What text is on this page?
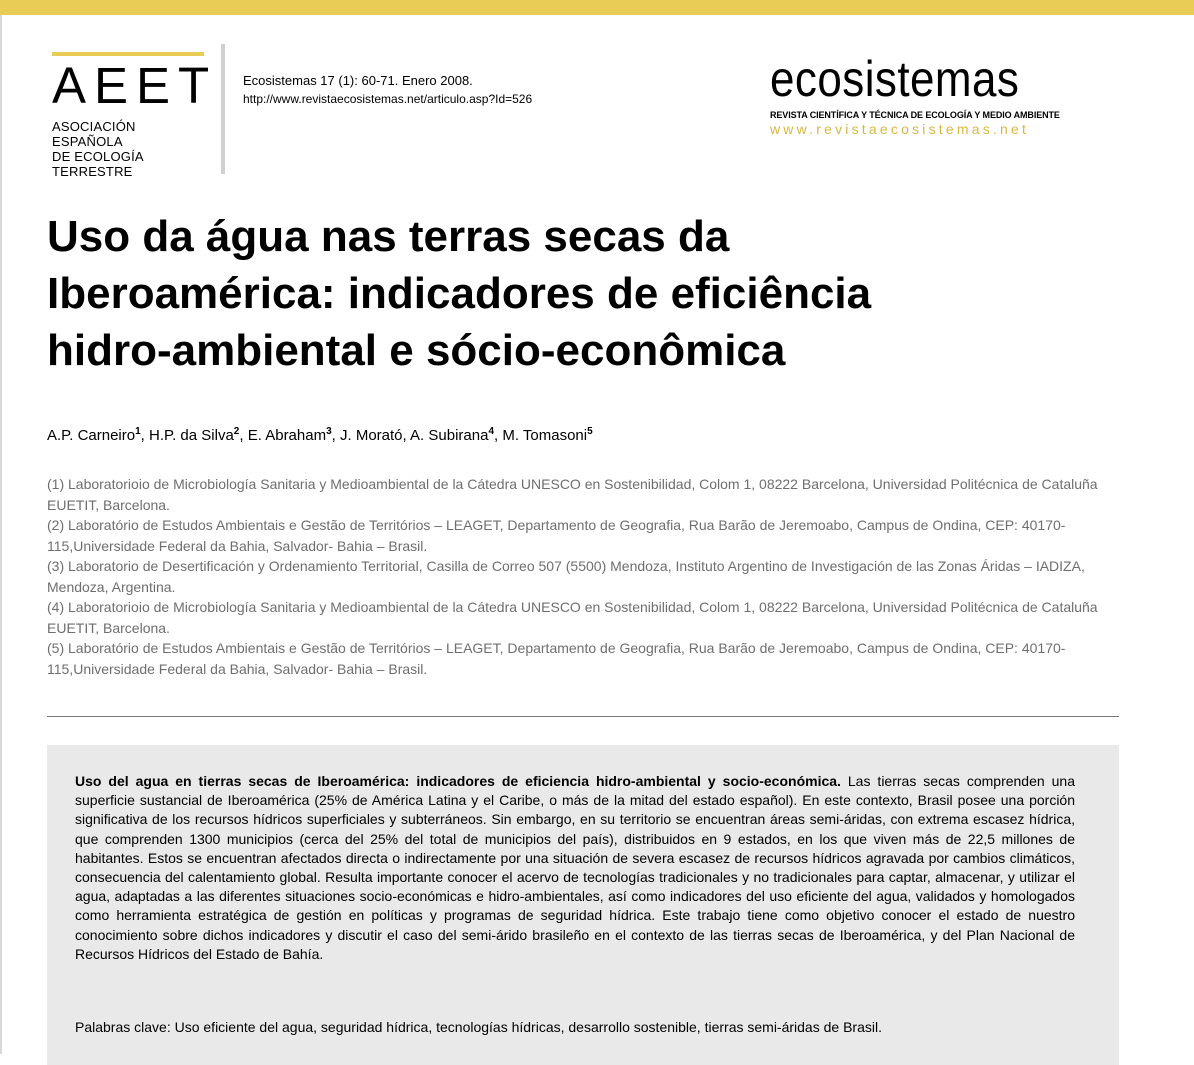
AEET
ASOCIACIÓN ESPAÑOLA
DE ECOLOGÍA TERRESTRE
Ecosistemas 17 (1): 60-71. Enero 2008.
http://www.revistaecosistemas.net/articulo.asp?Id=526	ecosistemas
REVISTA CIENTÍFICA Y TÉCNICA DE ECOLOGÍA Y MEDIO AMBIENTE
www.revistaecosistemas.net
Uso da água nas terras secas da
Iberoamérica: indicadores de eficiência
hidro-ambiental e sócio-econômica
A.P. Carneiro$^1$, H.P. da Silva$^2$, E. Abraham$^3$, J. Morató, A. Subirana$^4$, M. Tomasoni$^5$

(1) Laboratorioio de Microbiología Sanitaria y Medioambiental de la Cátedra UNESCO en Sostenibilidad, Colom 1, 08222 Barcelona, Universidad Politécnica de Cataluña EUETIT, Barcelona.

(2) Laboratório de Estudos Ambientais e Gestão de Territórios – LEAGET, Departamento de Geografia, Rua Barão de Jeremoabo, Campus de Ondina, CEP: 40170-115,Universidade Federal da Bahia, Salvador- Bahia – Brasil.

(3) Laboratorio de Desertificación y Ordenamiento Territorial, Casilla de Correo 507 (5500) Mendoza, Instituto Argentino de Investigación de las Zonas Áridas – IADIZA, Mendoza, Argentina.

(4) Laboratorioio de Microbiología Sanitaria y Medioambiental de la Cátedra UNESCO en Sostenibilidad, Colom 1, 08222 Barcelona, Universidad Politécnica de Cataluña EUETIT, Barcelona.

(5) Laboratório de Estudos Ambientais e Gestão de Territórios – LEAGET, Departamento de Geografia, Rua Barão de Jeremoabo, Campus de Ondina, CEP: 40170-115,Universidade Federal da Bahia, Salvador- Bahia – Brasil.

Uso del agua en tierras secas de Iberoamérica: indicadores de eficiencia hidro-ambiental y socio-económica. Las tierras secas comprenden una superficie sustancial de Iberoamérica (25% de América Latina y el Caribe, o más de la mitad del estado español). En este contexto, Brasil posee una porción significativa de los recursos hídricos superficiales y subterráneos. Sin embargo, en su territorio se encuentran áreas semi-áridas, con extrema escasez hídrica, que comprenden 1300 municipios (cerca del 25% del total de municipios del país), distribuidos en 9 estados, en los que viven más de 22,5 millones de habitantes. Estos se encuentran afectados directa o indirectamente por una situación de severa escasez de recursos hídricos agravada por cambios climáticos, consecuencia del calentamiento global. Resulta importante conocer el acervo de tecnologías tradicionales y no tradicionales para captar, almacenar, y utilizar el agua, adaptadas a las diferentes situaciones socio-económicas e hidro-ambientales, así como indicadores del uso eficiente del agua, validados y homologados como herramienta estratégica de gestión en políticas y programas de seguridad hídrica. Este trabajo tiene como objetivo conocer el estado de nuestro conocimiento sobre dichos indicadores y discutir el caso del semi-árido brasileño en el contexto de las tierras secas de Iberoamérica, y del Plan Nacional de Recursos Hídricos del Estado de Bahía.

Palabras clave: Uso eficiente del agua, seguridad hídrica, tecnologías hídricas, desarrollo sostenible, tierras semi-áridas de Brasil.
